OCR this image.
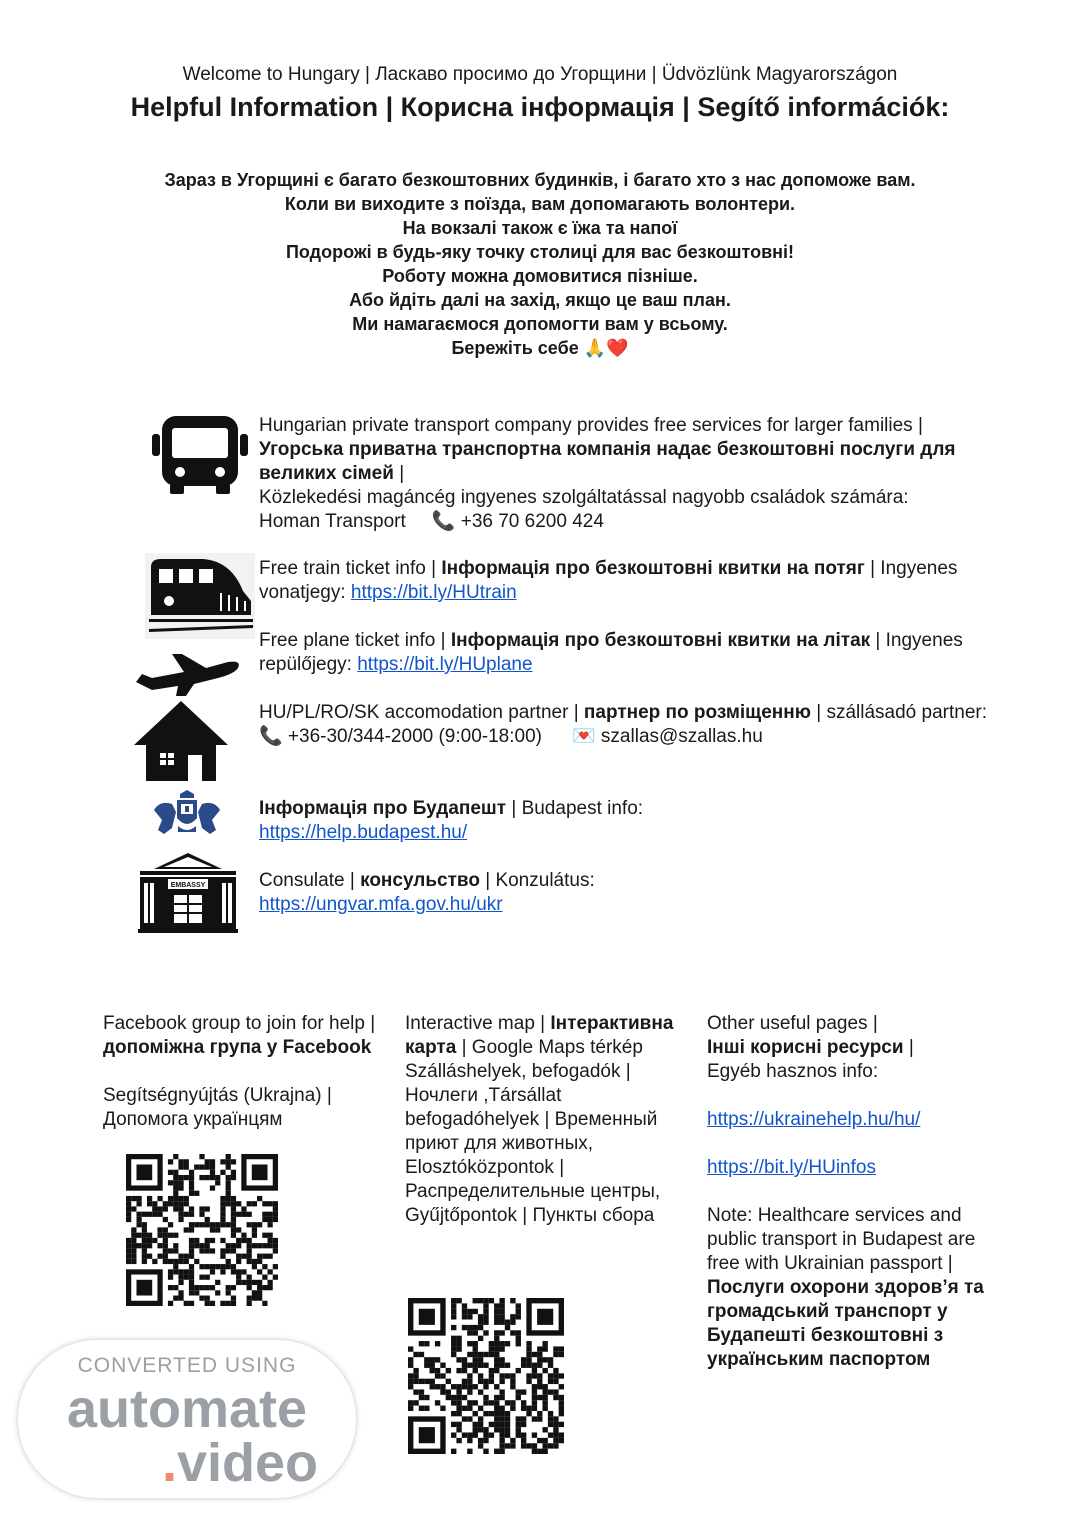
Welcome to Hungary | Ласкаво просимо до Угорщини | Üdvözlünk Magyarországon
Helpful Information | Корисна інформація | Segítő információk:
Зараз в Угорщині є багато безкоштовних будинків, і багато хто з нас допоможе вам.
Коли ви виходите з поїзда, вам допомагають волонтери.
На вокзалі також є їжа та напої
Подорожі в будь-яку точку столиці для вас безкоштовні!
Роботу можна домовитися пізніше.
Або йдіть далі на захід, якщо це ваш план.
Ми намагаємося допомогти вам у всьому.
Бережіть себе 🙏❤️
Hungarian private transport company provides free services for larger families |
Угорська приватна транспортна компанія надає безкоштовні послуги для великих сімей |
Közlekedési magáncég ingyenes szolgáltatással nagyobb családok számára:
Homan Transport 📞 +36 70 6200 424
Free train ticket info | Інформація про безкоштовні квитки на потяг | Ingyenes vonatjegy: https://bit.ly/HUtrain
Free plane ticket info | Інформація про безкоштовні квитки на літак | Ingyenes repülőjegy: https://bit.ly/HUplane
HU/PL/RO/SK accomodation partner | партнер по розміщенню | szállásadó partner:
📞 +36-30/344-2000 (9:00-18:00) 💌 szallas@szallas.hu
Інформація про Будапешт | Budapest info:
https://help.budapest.hu/
EMBASSY	Consulate | консульство | Konzulátus:
https://ungvar.mfa.gov.hu/ukr
Facebook group to join for help |
допоміжна група у Facebook
Segítségnyújtás (Ukrajna) |
Допомога українцям
Interactive map | Інтерактивна карта | Google Maps térkép Szálláshelyek, befogadók | Ночлеги ,Társállat befogadóhelyek | Временный приют для животных, Elosztóközpontok | Распределительные центры, Gyűjtőpontok | Пункты сбора
Other useful pages |
Інші корисні ресурси |
Egyéb hasznos info:
https://ukrainehelp.hu/hu/
https://bit.ly/HUinfos
Note: Healthcare services and public transport in Budapest are free with Ukrainian passport |
Послуги охорони здоров’я та громадський транспорт у Будапешті безкоштовні з українським паспортом
CONVERTED USING
automate
.video
